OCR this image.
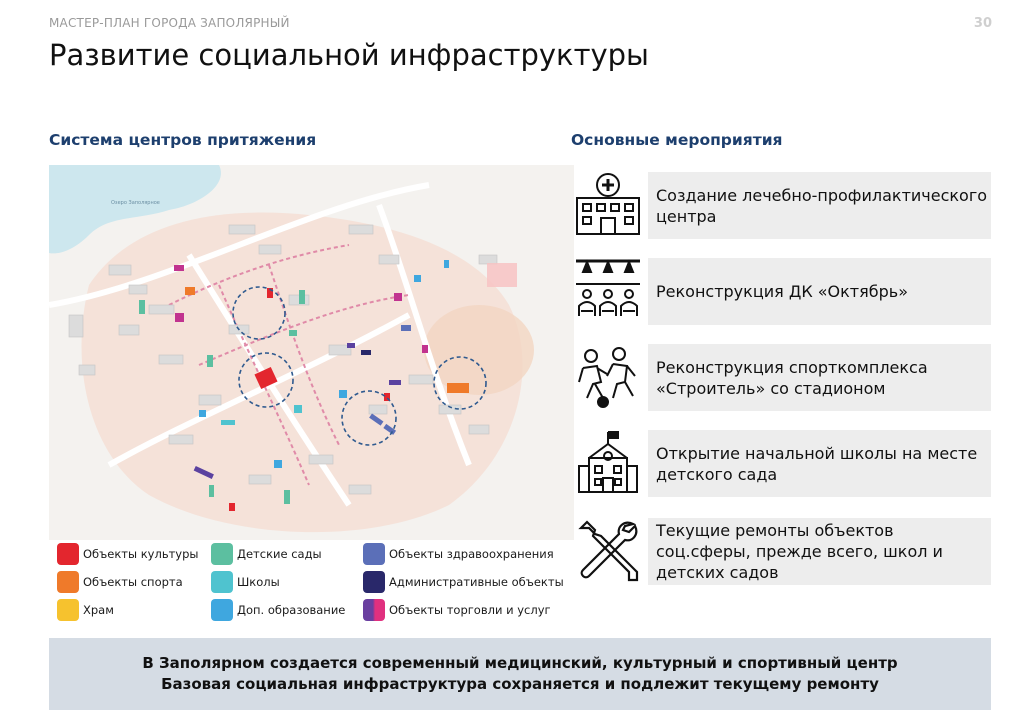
МАСТЕР-ПЛАН ГОРОДА ЗАПОЛЯРНЫЙ	30
Развитие социальной инфраструктуры
Система центров притяжения	Основные мероприятия
Озеро Заполярное
Объекты культуры
Объекты спорта
Храм
Детские сады
Школы
Доп. образование
Объекты здравоохранения
Административные объекты
Объекты торговли и услуг
Создание лечебно-профилактического центра
Реконструкция ДК «Октябрь»
Реконструкция спорткомплекса «Строитель» со стадионом
Открытие начальной школы на месте детского сада
Текущие ремонты объектов соц.сферы, прежде всего, школ и детских садов
В Заполярном создается современный медицинский, культурный и спортивный центр
Базовая социальная инфраструктура сохраняется и подлежит текущему ремонту
